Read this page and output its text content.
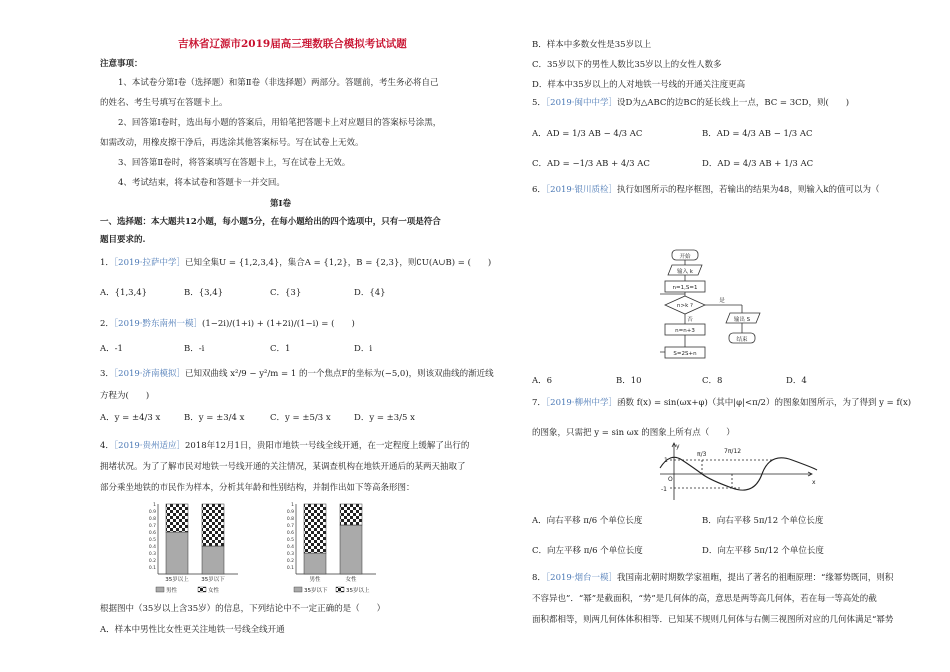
吉林省辽源市2019届高三理数联合模拟考试试题
注意事项：
1、本试卷分第Ⅰ卷（选择题）和第Ⅱ卷（非选择题）两部分。答题前，考生务必将自己
的姓名、考生号填写在答题卡上。
2、回答第Ⅰ卷时，选出每小题的答案后，用铅笔把答题卡上对应题目的答案标号涂黑，
如需改动，用橡皮擦干净后，再选涂其他答案标号。写在试卷上无效。
3、回答第Ⅱ卷时，将答案填写在答题卡上，写在试卷上无效。
4、考试结束，将本试卷和答题卡一并交回。
第Ⅰ卷
一、选择题：本大题共12小题，每小题5分，在每小题给出的四个选项中，只有一项是符合
题目要求的.
1．［2019·拉萨中学］已知全集U = {1,2,3,4}，集合A = {1,2}，B = {2,3}，则∁U(A∪B) = (　　)
A．{1,3,4}	B．{3,4}	C．{3}	D．{4}
2．［2019·黔东南州一模］(1−2i)/(1+i) + (1+2i)/(1−i) = (　　)
A．-1	B．-i	C．1	D．i
3．［2019·济南模拟］已知双曲线 x²/9 − y²/m = 1 的一个焦点F的坐标为(−5,0)，则该双曲线的渐近线
方程为(　　)
A．y = ±4/3 x	B．y = ±3/4 x	C．y = ±5/3 x	D．y = ±3/5 x
4．［2019·贵州适应］2018年12月1日，贵阳市地铁一号线全线开通，在一定程度上缓解了出行的
拥堵状况。为了了解市民对地铁一号线开通的关注情况，某调查机构在地铁开通后的某两天抽取了
部分乘坐地铁的市民作为样本，分析其年龄和性别结构，并制作出如下等高条形图：
0.1
0.2
0.3
0.4
0.5
0.6
0.7
0.8
0.9
1
35岁以上 35岁以下
男性	女性
0.1
0.2
0.3
0.4
0.5
0.6
0.7
0.8
0.9
1
男性	女性
35岁以下	35岁以上
根据图中（35岁以上含35岁）的信息，下列结论中不一定正确的是（　　）
A．样本中男性比女性更关注地铁一号线全线开通
B．样本中多数女性是35岁以上
C．35岁以下的男性人数比35岁以上的女性人数多
D．样本中35岁以上的人对地铁一号线的开通关注度更高
5．［2019·闽中中学］设D为△ABC的边BC的延长线上一点，BC = 3CD，则(　　)
A．AD = 1/3 AB − 4/3 AC	B．AD = 4/3 AB − 1/3 AC
C．AD = −1/3 AB + 4/3 AC	D．AD = 4/3 AB + 1/3 AC
6．［2019·银川质检］执行如图所示的程序框图，若输出的结果为48，则输入k的值可以为（
开始
输入 k
n=1,S=1
n>k ?
是
否	输出 S
结束
n=n+3
S=2S+n
A．6	B．10	C．8	D．4
7．［2019·柳州中学］函数 f(x) = sin(ωx+φ)（其中|φ|<π/2）的图象如图所示，为了得到 y = f(x)
的图象，只需把 y = sin ωx 的图象上所有点（　　）
y
x
1
-1
O
π/3	7π/12
A．向右平移 π/6 个单位长度	B．向右平移 5π/12 个单位长度
C．向左平移 π/6 个单位长度	D．向左平移 5π/12 个单位长度
8．［2019·烟台一模］我国南北朝时期数学家祖暅，提出了著名的祖暅原理：“缘幂势既同，则积
不容异也”．“幂”是截面积，“势”是几何体的高，意思是两等高几何体，若在每一等高处的截
面积都相等，则两几何体体积相等．已知某不规则几何体与右侧三视图所对应的几何体满足“幂势
